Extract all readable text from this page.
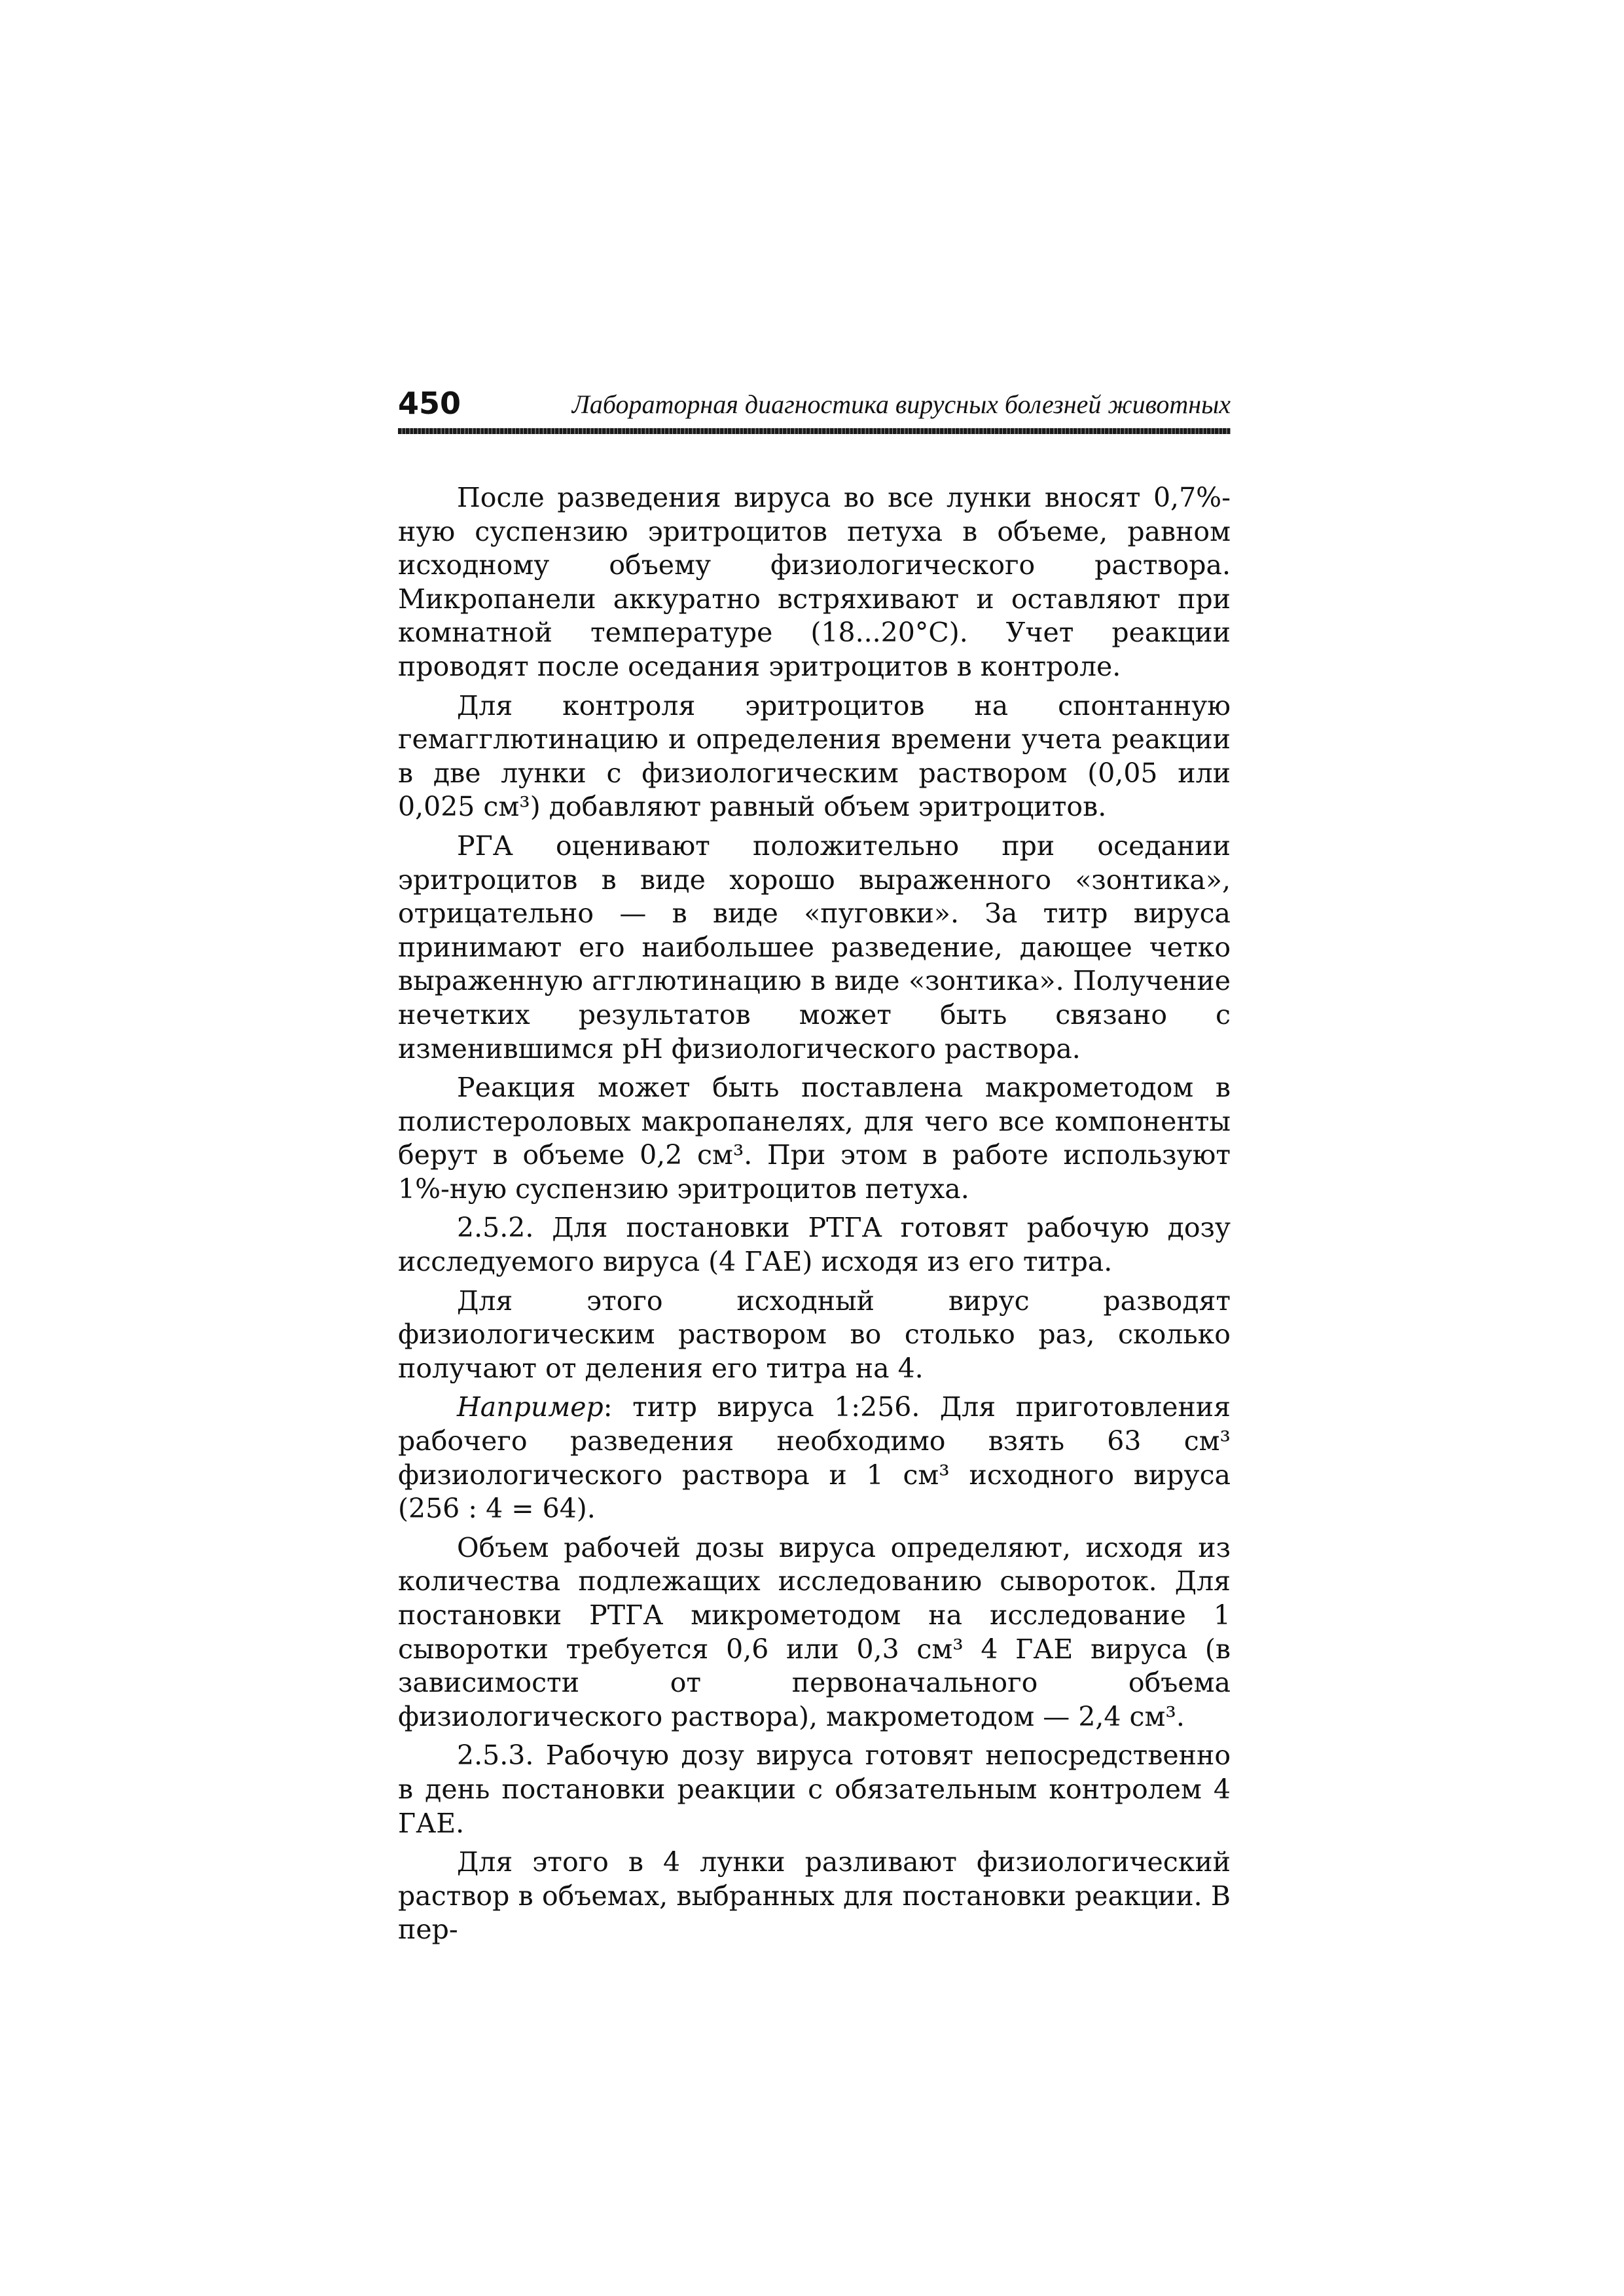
450	Лабораторная диагностика вирусных болезней животных

После разведения вируса во все лунки вносят 0,7%-ную суспензию эритроцитов петуха в объеме, равном исходному объему физиологического раствора. Микропанели аккуратно встряхивают и оставляют при комнатной температуре (18...20°С). Учет реакции проводят после оседания эритроцитов в контроле.

Для контроля эритроцитов на спонтанную гемагглютинацию и определения времени учета реакции в две лунки с физиологическим раствором (0,05 или 0,025 см³) добавляют равный объем эритроцитов.

РГА оценивают положительно при оседании эритроцитов в виде хорошо выраженного «зонтика», отрицательно — в виде «пуговки». За титр вируса принимают его наибольшее разведение, дающее четко выраженную агглютинацию в виде «зонтика». Получение нечетких результатов может быть связано с изменившимся рН физиологического раствора.

Реакция может быть поставлена макрометодом в полистероловых макропанелях, для чего все компоненты берут в объеме 0,2 см³. При этом в работе используют 1%-ную суспензию эритроцитов петуха.

2.5.2. Для постановки РТГА готовят рабочую дозу исследуемого вируса (4 ГАЕ) исходя из его титра.

Для этого исходный вирус разводят физиологическим раствором во столько раз, сколько получают от деления его титра на 4.

Например: титр вируса 1:256. Для приготовления рабочего разведения необходимо взять 63 см³ физиологического раствора и 1 см³ исходного вируса (256 : 4 = 64).

Объем рабочей дозы вируса определяют, исходя из количества подлежащих исследованию сывороток. Для постановки РТГА микрометодом на исследование 1 сыворотки требуется 0,6 или 0,3 см³ 4 ГАЕ вируса (в зависимости от первоначального объема физиологического раствора), макрометодом — 2,4 см³.

2.5.3. Рабочую дозу вируса готовят непосредственно в день постановки реакции с обязательным контролем 4 ГАЕ.

Для этого в 4 лунки разливают физиологический раствор в объемах, выбранных для постановки реакции. В пер-
